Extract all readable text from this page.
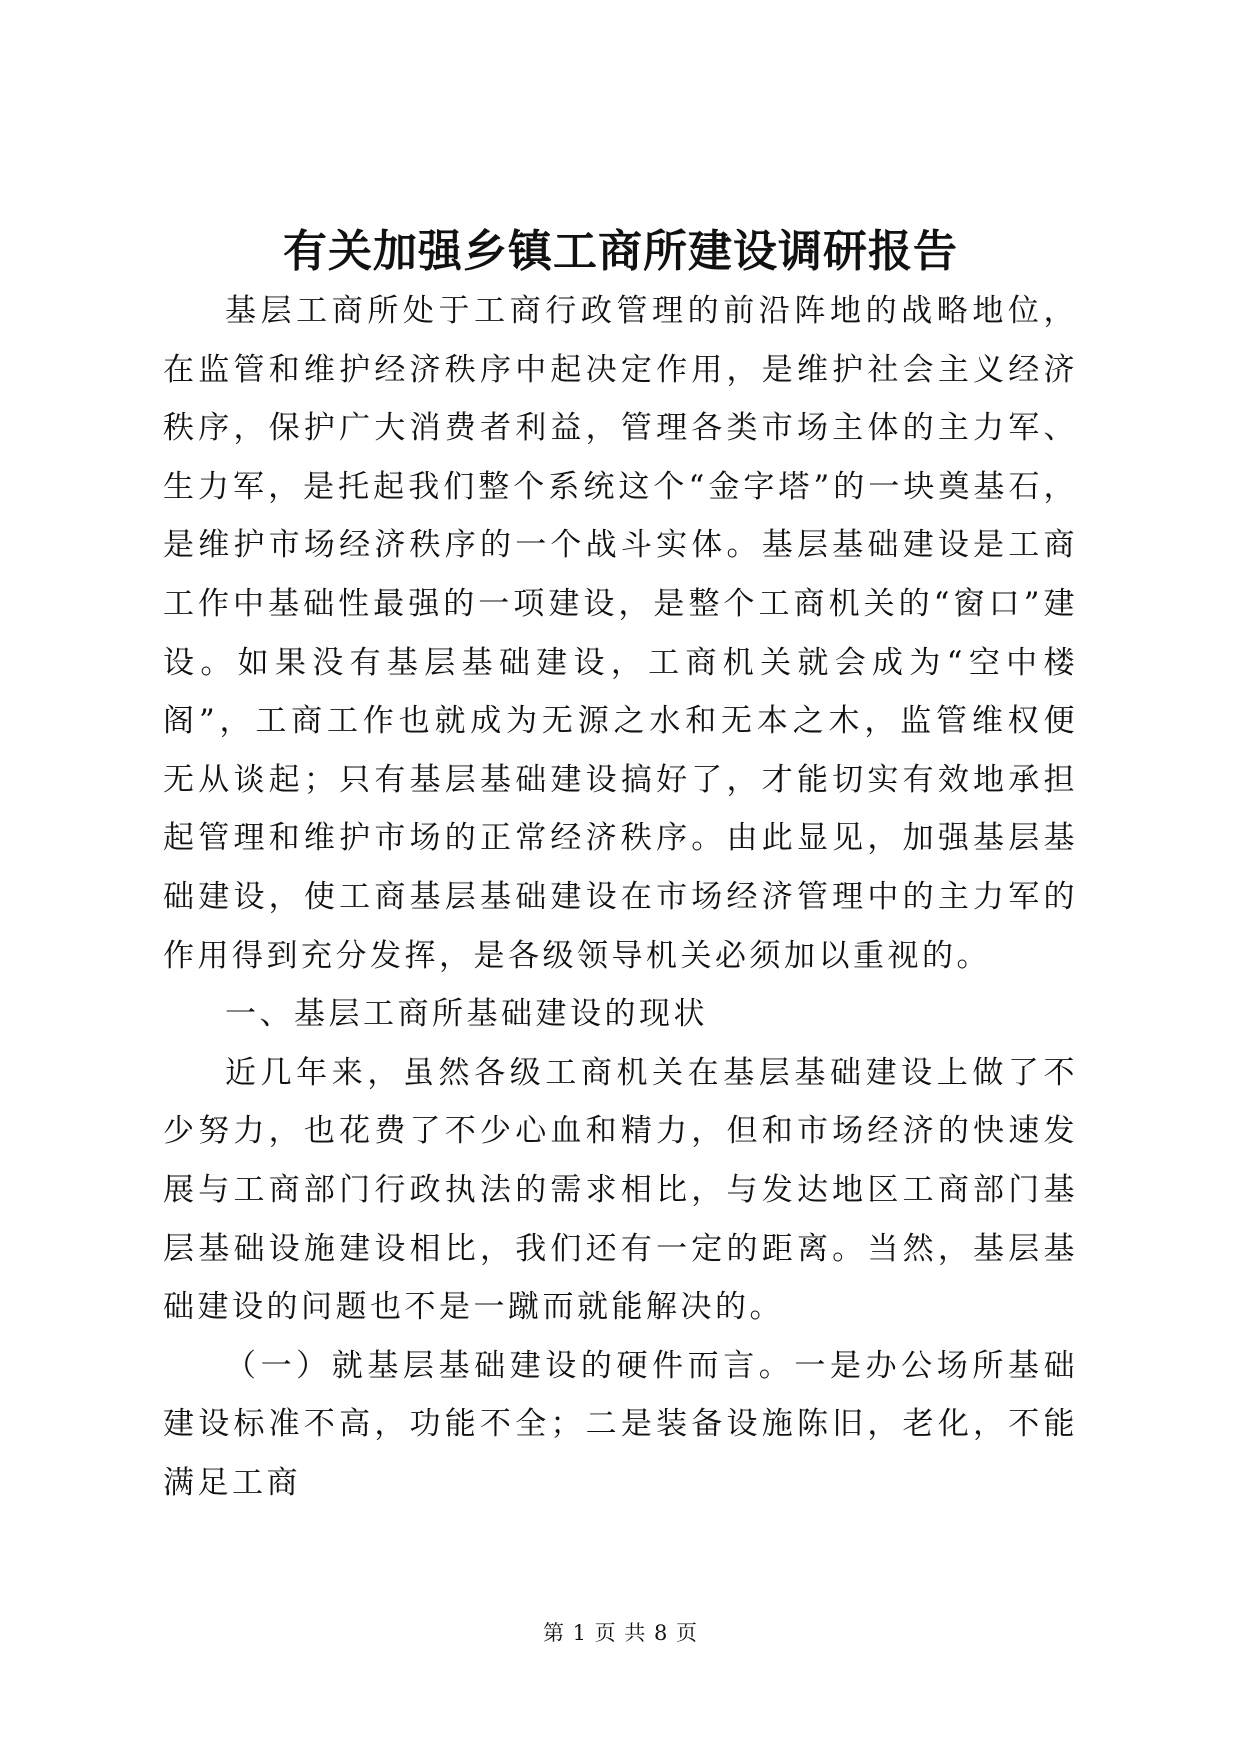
有关加强乡镇工商所建设调研报告

基层工商所处于工商行政管理的前沿阵地的战略地位，在监管和维护经济秩序中起决定作用，是维护社会主义经济秩序，保护广大消费者利益，管理各类市场主体的主力军、生力军，是托起我们整个系统这个“金字塔”的一块奠基石，是维护市场经济秩序的一个战斗实体。基层基础建设是工商工作中基础性最强的一项建设，是整个工商机关的“窗口”建设。如果没有基层基础建设，工商机关就会成为“空中楼阁”，工商工作也就成为无源之水和无本之木，监管维权便无从谈起；只有基层基础建设搞好了，才能切实有效地承担起管理和维护市场的正常经济秩序。由此显见，加强基层基础建设，使工商基层基础建设在市场经济管理中的主力军的作用得到充分发挥，是各级领导机关必须加以重视的。

一、基层工商所基础建设的现状

近几年来，虽然各级工商机关在基层基础建设上做了不少努力，也花费了不少心血和精力，但和市场经济的快速发展与工商部门行政执法的需求相比，与发达地区工商部门基层基础设施建设相比，我们还有一定的距离。当然，基层基础建设的问题也不是一蹴而就能解决的。

（一）就基层基础建设的硬件而言。一是办公场所基础建设标准不高，功能不全；二是装备设施陈旧，老化，不能满足工商

第 1 页 共 8 页
